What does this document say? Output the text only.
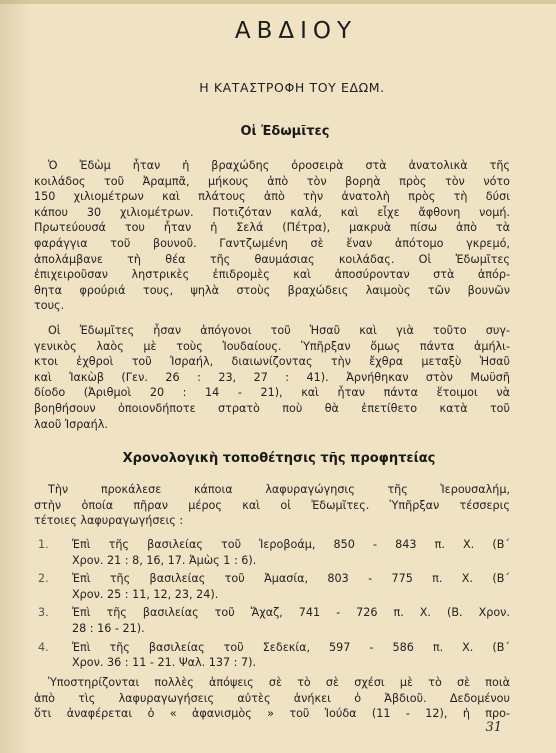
ΑΒΔΙΟΥ
Η ΚΑΤΑΣΤΡΟΦΗ ΤΟΥ ΕΔΩΜ.
Οἱ Ἐδωμῖτες

Ὁ Ἐδὼμ ἦταν ἡ βραχώδης ὀροσειρὰ στὰ ἀνατολικὰ τῆς
κοιλάδος τοῦ Ἀραμπᾶ, μήκους ἀπὸ τὸν βορηὰ πρὸς τὸν νότο
150 χιλιομέτρων καὶ πλάτους ἀπὸ τὴν ἀνατολὴ πρὸς τὴ δύσι
κάπου 30 χιλιομέτρων. Ποτιζόταν καλά, καὶ εἶχε ἄφθονη νομή.
Πρωτεύουσά του ἦταν ἡ Σελά (Πέτρα), μακρυὰ πίσω ἀπὸ τὰ
φαράγγια τοῦ βουνοῦ. Γαντζωμένη σὲ ἕναν ἀπότομο γκρεμό,
ἀπολάμβανε τὴ θέα τῆς θαυμάσιας κοιλάδας. Οἱ Ἐδωμῖτες
ἐπιχειροῦσαν ληστρικὲς ἐπιδρομὲς καὶ ἀποσύρονταν στὰ ἀπόρ-
θητα φρούριά τους, ψηλὰ στοὺς βραχώδεις λαιμοὺς τῶν βουνῶν
τους.

Οἱ Ἐδωμῖτες ἦσαν ἀπόγονοι τοῦ Ἡσαῦ καὶ γιὰ τοῦτο συγ-
γενικὸς λαὸς μὲ τοὺς Ἰουδαίους. Ὑπῆρξαν ὅμως πάντα ἀμήλι-
κτοι ἐχθροὶ τοῦ Ἰσραήλ, διαιωνίζοντας τὴν ἔχθρα μεταξὺ Ἡσαῦ
καὶ Ἰακὼβ (Γεν. 26 : 23, 27 : 41). Ἀρνήθηκαν στὸν Μωϋσῆ
δίοδο (Ἀριθμοὶ 20 : 14 - 21), καὶ ἦταν πάντα ἕτοιμοι νὰ
βοηθήσουν ὁποιονδήποτε στρατὸ ποὺ θὰ ἐπετίθετο κατὰ τοῦ
λαοῦ Ἰσραήλ.

Χρονολογικὴ τοποθέτησις τῆς προφητείας

Τὴν προκάλεσε κάποια λαφυραγώγησις τῆς Ἱερουσαλήμ,
στὴν ὁποία πῆραν μέρος καὶ οἱ Ἐδωμῖτες. Ὑπῆρξαν τέσσερις
τέτοιες λαφυραγωγήσεις :

1. Ἐπὶ τῆς βασιλείας τοῦ Ἱεροβοάμ, 850 - 843 π. Χ. (Β΄
Χρον. 21 : 8, 16, 17. Ἀμὼς 1 : 6).
2. Ἐπὶ τῆς βασιλείας τοῦ Ἀμασία, 803 - 775 π. Χ. (Β΄
Χρον. 25 : 11, 12, 23, 24).
3. Ἐπὶ τῆς βασιλείας τοῦ Ἄχαζ, 741 - 726 π. Χ. (Β. Χρον.
28 : 16 - 21).
4. Ἐπὶ τῆς βασιλείας τοῦ Σεδεκία, 597 - 586 π. Χ. (Β΄
Χρον. 36 : 11 - 21. Ψαλ. 137 : 7).

Ὑποστηρίζονται πολλὲς ἀπόψεις σὲ τὸ σὲ σχέσι μὲ τὸ σὲ ποιὰ
ἀπὸ τὶς λαφυραγωγήσεις αὐτὲς ἀνήκει ὁ Ἀβδιοῦ. Δεδομένου
ὅτι ἀναφέρεται ὁ « ἀφανισμὸς » τοῦ Ἰούδα (11 - 12), ἡ προ-

31
